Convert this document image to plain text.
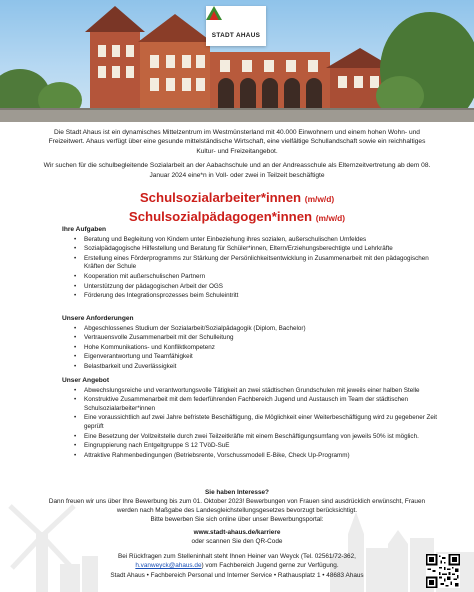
STADT AHAUS

Die Stadt Ahaus ist ein dynamisches Mittelzentrum im Westmünsterland mit 40.000 Einwohnern und einem hohen Wohn- und Freizeitwert. Ahaus verfügt über eine gesunde mittelständische Wirtschaft, eine vielfältige Schullandschaft sowie ein reichhaltiges Kultur- und Freizeitangebot.

Wir suchen für die schulbegleitende Sozialarbeit an der Aabachschule und an der Andreasschule als Elternzeitvertretung ab dem 08. Januar 2024 eine*n in Voll- oder zwei in Teilzeit beschäftigte

Schulsozialarbeiter*innen (m/w/d)
Schulsozialpädagogen*innen (m/w/d)
Ihre Aufgaben
• Beratung und Begleitung von Kindern unter Einbeziehung ihres sozialen, außerschulischen Umfeldes
• Sozialpädagogische Hilfestellung und Beratung für Schüler*innen, Eltern/Erziehungsberechtigte und Lehrkräfte
• Erstellung eines Förderprogramms zur Stärkung der Persönlichkeitsentwicklung in Zusammenarbeit mit den pädagogischen Kräften der Schule
• Kooperation mit außerschulischen Partnern
• Unterstützung der pädagogischen Arbeit der OGS
• Förderung des Integrationsprozesses beim Schuleintritt
Unsere Anforderungen
• Abgeschlossenes Studium der Sozialarbeit/Sozialpädagogik (Diplom, Bachelor)
• Vertrauensvolle Zusammenarbeit mit der Schulleitung
• Hohe Kommunikations- und Konfliktkompetenz
• Eigenverantwortung und Teamfähigkeit
• Belastbarkeit und Zuverlässigkeit
Unser Angebot
• Abwechslungsreiche und verantwortungsvolle Tätigkeit an zwei städtischen Grundschulen mit jeweils einer halben Stelle
• Konstruktive Zusammenarbeit mit dem federführenden Fachbereich Jugend und Austausch im Team der städtischen Schulsozialarbeiter*innen
• Eine voraussichtlich auf zwei Jahre befristete Beschäftigung, die Möglichkeit einer Weiterbeschäftigung wird zu gegebener Zeit geprüft
• Eine Besetzung der Vollzeitstelle durch zwei Teilzeitkräfte mit einem Beschäftigungsumfang von jeweils 50% ist möglich.
• Eingruppierung nach Entgeltgruppe S 12 TVöD-SuE
• Attraktive Rahmenbedingungen (Betriebsrente, Vorschussmodell E-Bike, Check Up-Programm)
Sie haben Interesse?
Dann freuen wir uns über Ihre Bewerbung bis zum 01. Oktober 2023! Bewerbungen von Frauen sind ausdrücklich erwünscht, Frauen werden nach Maßgabe des Landesgleichstellungsgesetzes bevorzugt berücksichtigt.
Bitte bewerben Sie sich online über unser Bewerbungsportal:
www.stadt-ahaus.de/karriere
oder scannen Sie den QR-Code
Bei Rückfragen zum Stelleninhalt steht Ihnen Heiner van Weyck (Tel. 02561/72-362,
h.vanweyck@ahaus.de) vom Fachbereich Jugend gerne zur Verfügung.
Stadt Ahaus • Fachbereich Personal und Interner Service • Rathausplatz 1 • 48683 Ahaus
